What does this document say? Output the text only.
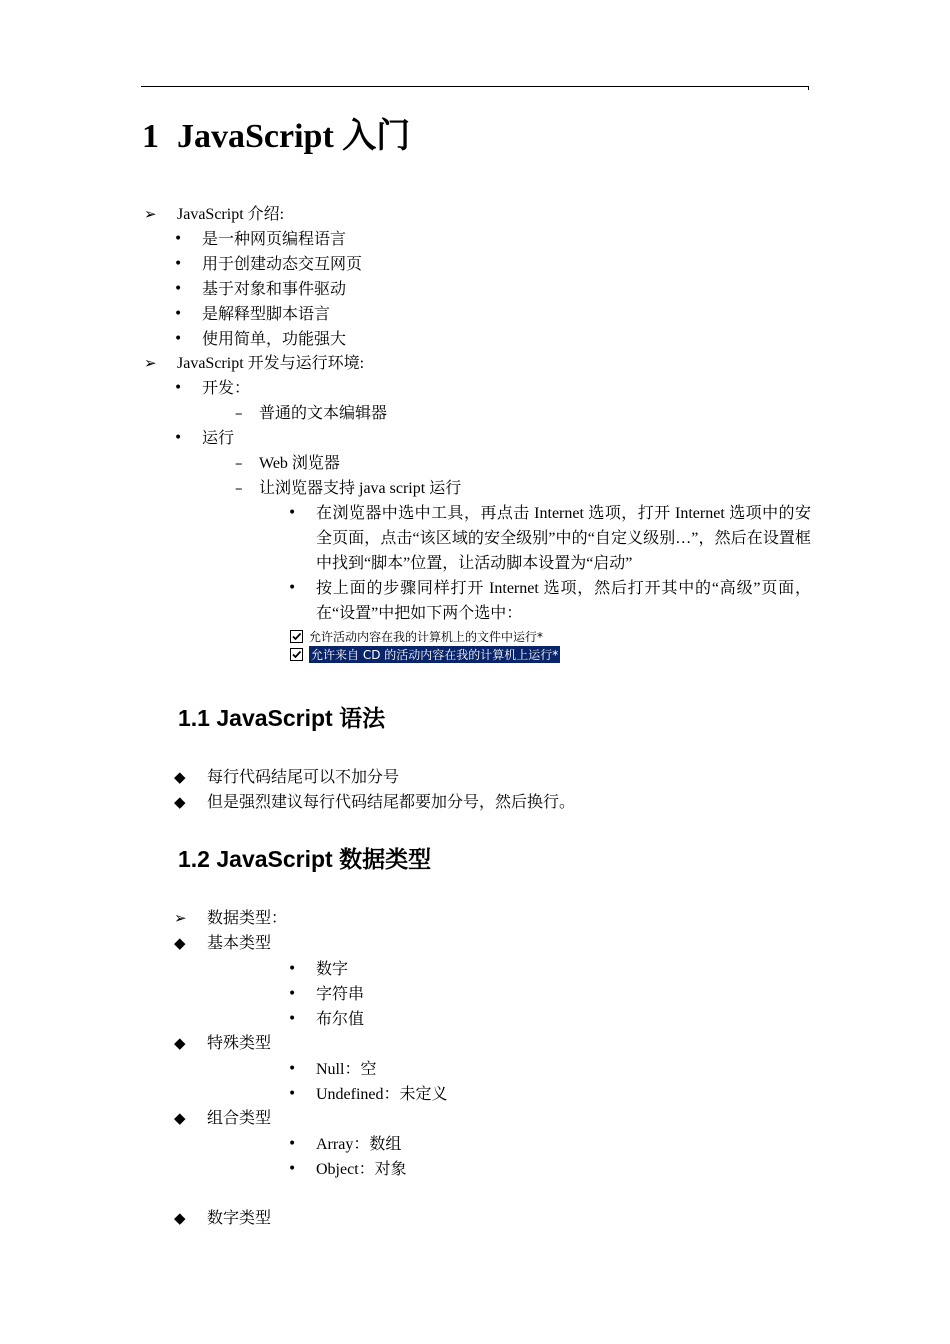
1 JavaScript 入门
➢ JavaScript 介绍:
• 是一种网页编程语言
• 用于创建动态交互网页
• 基于对象和事件驱动
• 是解释型脚本语言
• 使用简单，功能强大
➢ JavaScript 开发与运行环境:
• 开发：
– 普通的文本编辑器
• 运行
– Web 浏览器
– 让浏览器支持 java script 运行
• 在浏览器中选中工具，再点击 Internet 选项，打开 Internet 选项中的安全页面，点击“该区域的安全级别”中的“自定义级别…”，然后在设置框中找到“脚本”位置，让活动脚本设置为“启动”
• 按上面的步骤同样打开 Internet 选项，然后打开其中的“高级”页面，在“设置”中把如下两个选中：
允许活动内容在我的计算机上的文件中运行*
允许来自 CD 的活动内容在我的计算机上运行*
1.1 JavaScript 语法
◆ 每行代码结尾可以不加分号
◆ 但是强烈建议每行代码结尾都要加分号，然后换行。
1.2 JavaScript 数据类型
➢ 数据类型：
◆ 基本类型
• 数字
• 字符串
• 布尔值
◆ 特殊类型
• Null：空
• Undefined：未定义
◆ 组合类型
• Array：数组
• Object：对象
◆ 数字类型
